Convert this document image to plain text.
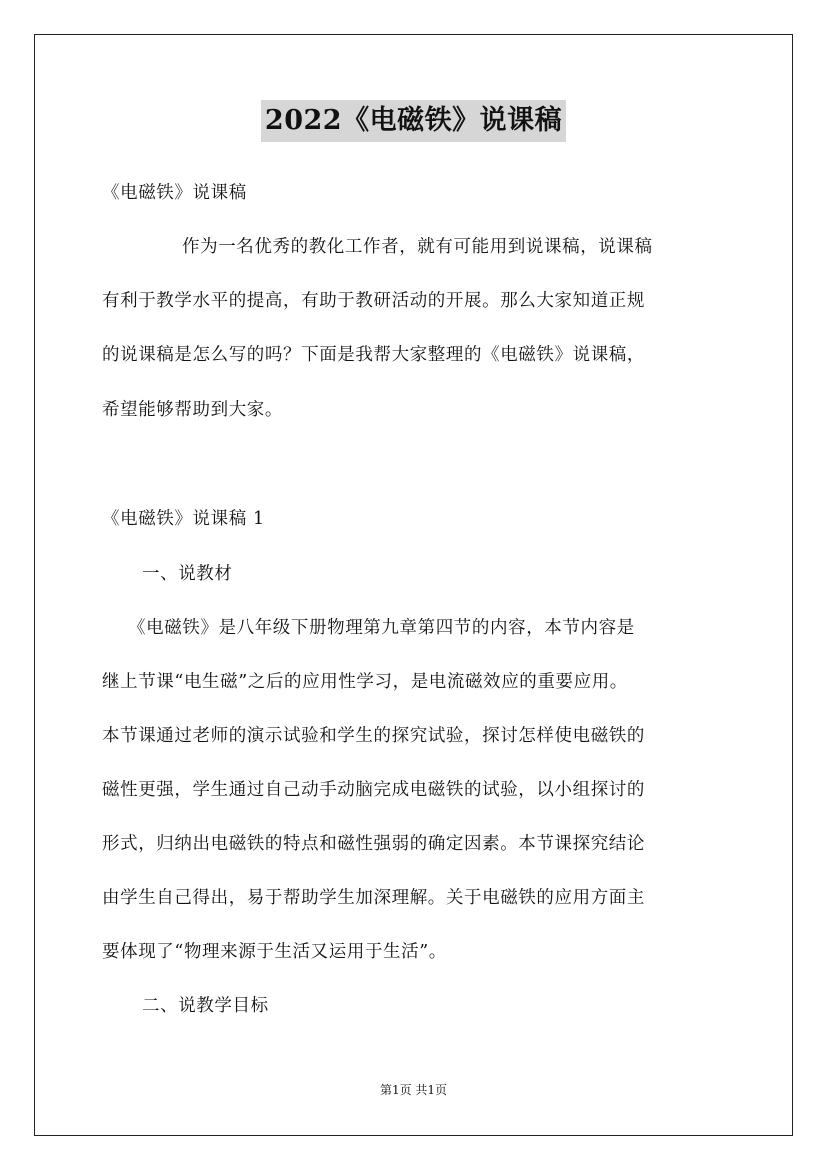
2022《电磁铁》说课稿
《电磁铁》说课稿
作为一名优秀的教化工作者，就有可能用到说课稿，说课稿
有利于教学水平的提高，有助于教研活动的开展。那么大家知道正规
的说课稿是怎么写的吗？下面是我帮大家整理的《电磁铁》说课稿，
希望能够帮助到大家。
《电磁铁》说课稿 1
一、说教材
《电磁铁》是八年级下册物理第九章第四节的内容，本节内容是
继上节课“电生磁”之后的应用性学习，是电流磁效应的重要应用。
本节课通过老师的演示试验和学生的探究试验，探讨怎样使电磁铁的
磁性更强，学生通过自己动手动脑完成电磁铁的试验，以小组探讨的
形式，归纳出电磁铁的特点和磁性强弱的确定因素。本节课探究结论
由学生自己得出，易于帮助学生加深理解。关于电磁铁的应用方面主
要体现了“物理来源于生活又运用于生活”。
二、说教学目标
第1页 共1页
